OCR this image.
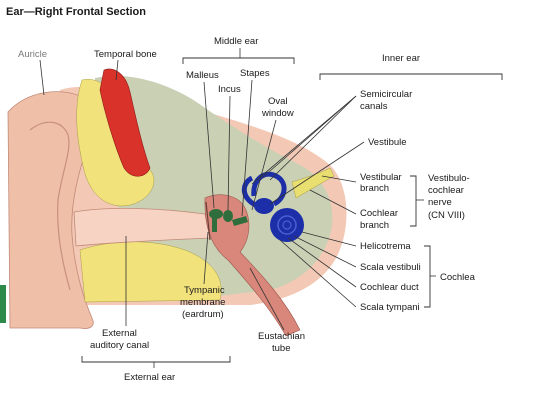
Ear—Right Frontal Section
Auricle	Temporal bone
Middle ear
Malleus
Incus
Stapes
Oval
window
Inner ear
Semicircular
canals
Vestibule
Vestibular
branch
Cochlear
branch
Vestibulo-
cochlear
nerve
(CN VIII)
Helicotrema
Scala vestibuli
Cochlear duct
Scala tympani
Cochlea
Tympanic
membrane
(eardrum)
Eustachian
tube
External
auditory canal
External ear
